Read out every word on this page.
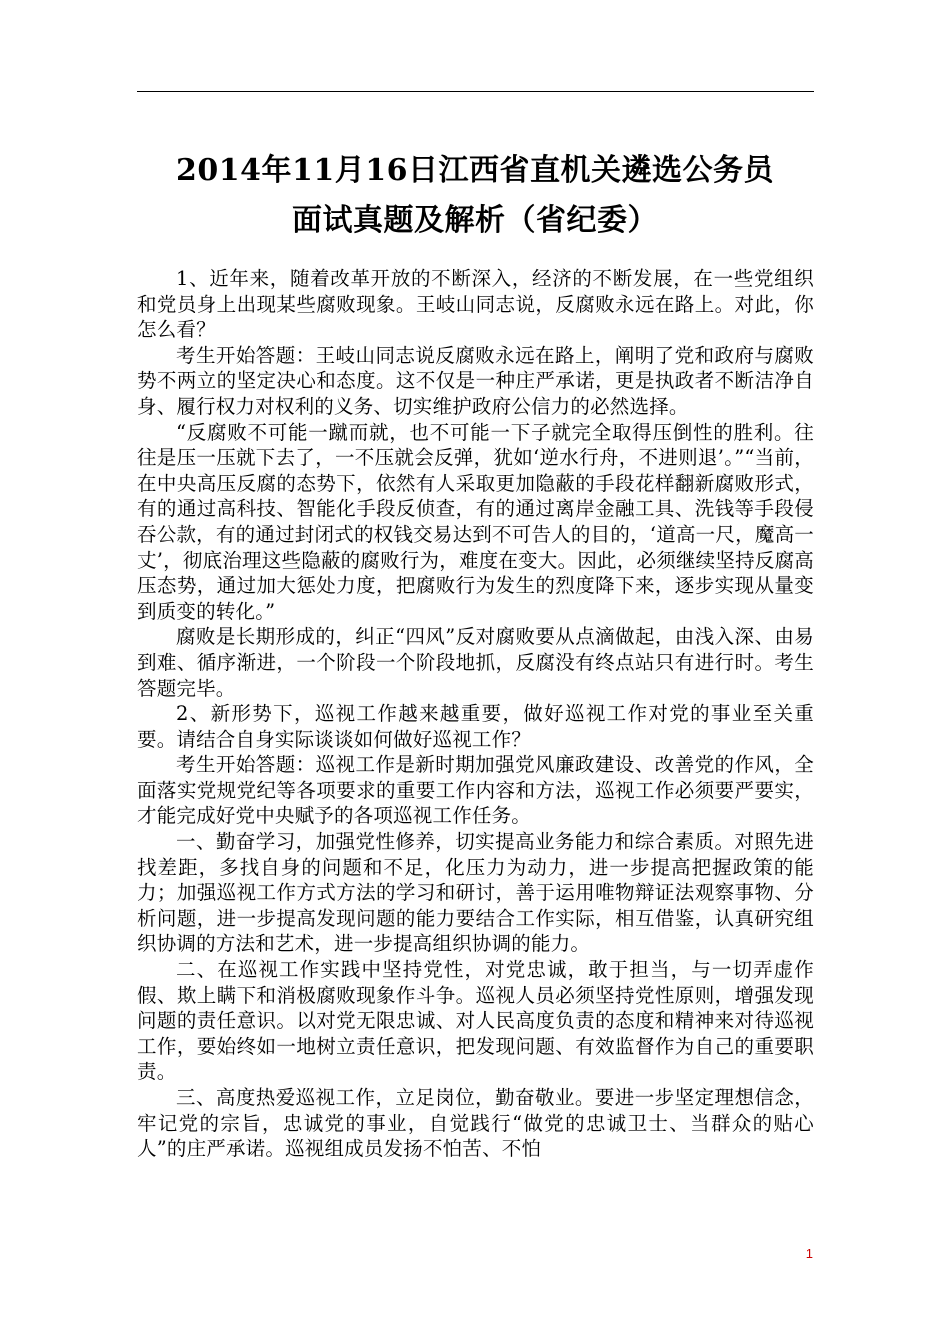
2014年11月16日江西省直机关遴选公务员
面试真题及解析（省纪委）

1、近年来，随着改革开放的不断深入，经济的不断发展，在一些党组织和党员身上出现某些腐败现象。王岐山同志说，反腐败永远在路上。对此，你怎么看？

考生开始答题：王岐山同志说反腐败永远在路上，阐明了党和政府与腐败势不两立的坚定决心和态度。这不仅是一种庄严承诺，更是执政者不断洁净自身、履行权力对权利的义务、切实维护政府公信力的必然选择。

“反腐败不可能一蹴而就，也不可能一下子就完全取得压倒性的胜利。往往是压一压就下去了，一不压就会反弹，犹如‘逆水行舟，不进则退’。”“当前，在中央高压反腐的态势下，依然有人采取更加隐蔽的手段花样翻新腐败形式，有的通过高科技、智能化手段反侦查，有的通过离岸金融工具、洗钱等手段侵吞公款，有的通过封闭式的权钱交易达到不可告人的目的，‘道高一尺，魔高一丈’，彻底治理这些隐蔽的腐败行为，难度在变大。因此，必须继续坚持反腐高压态势，通过加大惩处力度，把腐败行为发生的烈度降下来，逐步实现从量变到质变的转化。”

腐败是长期形成的，纠正“四风”反对腐败要从点滴做起，由浅入深、由易到难、循序渐进，一个阶段一个阶段地抓，反腐没有终点站只有进行时。考生答题完毕。

2、新形势下，巡视工作越来越重要，做好巡视工作对党的事业至关重要。请结合自身实际谈谈如何做好巡视工作？

考生开始答题：巡视工作是新时期加强党风廉政建设、改善党的作风，全面落实党规党纪等各项要求的重要工作内容和方法，巡视工作必须要严要实，才能完成好党中央赋予的各项巡视工作任务。

一、勤奋学习，加强党性修养，切实提高业务能力和综合素质。对照先进找差距，多找自身的问题和不足，化压力为动力，进一步提高把握政策的能力；加强巡视工作方式方法的学习和研讨，善于运用唯物辩证法观察事物、分析问题，进一步提高发现问题的能力要结合工作实际，相互借鉴，认真研究组织协调的方法和艺术，进一步提高组织协调的能力。

二、在巡视工作实践中坚持党性，对党忠诚，敢于担当，与一切弄虚作假、欺上瞒下和消极腐败现象作斗争。巡视人员必须坚持党性原则，增强发现问题的责任意识。以对党无限忠诚、对人民高度负责的态度和精神来对待巡视工作，要始终如一地树立责任意识，把发现问题、有效监督作为自己的重要职责。

三、高度热爱巡视工作，立足岗位，勤奋敬业。要进一步坚定理想信念，牢记党的宗旨，忠诚党的事业，自觉践行“做党的忠诚卫士、当群众的贴心人”的庄严承诺。巡视组成员发扬不怕苦、不怕

1
